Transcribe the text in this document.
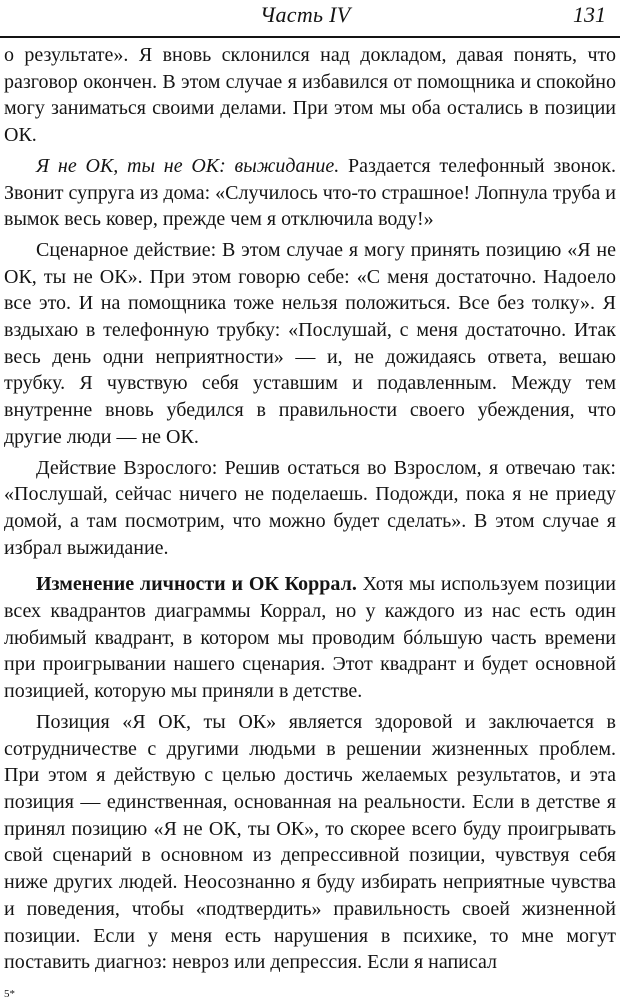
Часть IV	131

о результате». Я вновь склонился над докладом, давая понять, что разговор окончен. В этом случае я избавился от помощника и спокойно могу заниматься своими делами. При этом мы оба остались в позиции ОК.

Я не ОК, ты не ОК: выжидание. Раздается телефонный звонок. Звонит супруга из дома: «Случилось что-то страшное! Лопнула труба и вымок весь ковер, прежде чем я отключила воду!»

Сценарное действие: В этом случае я могу принять позицию «Я не ОК, ты не ОК». При этом говорю себе: «С меня достаточно. Надоело все это. И на помощника тоже нельзя положиться. Все без толку». Я вздыхаю в телефонную трубку: «Послушай, с меня достаточно. Итак весь день одни неприятности» — и, не дожидаясь ответа, вешаю трубку. Я чувствую себя уставшим и подавленным. Между тем внутренне вновь убедился в правильности своего убеждения, что другие люди — не ОК.

Действие Взрослого: Решив остаться во Взрослом, я отвечаю так: «Послушай, сейчас ничего не поделаешь. Подожди, пока я не приеду домой, а там посмотрим, что можно будет сделать». В этом случае я избрал выжидание.

Изменение личности и ОК Коррал. Хотя мы используем позиции всех квадрантов диаграммы Коррал, но у каждого из нас есть один любимый квадрант, в котором мы проводим бóльшую часть времени при проигрывании нашего сценария. Этот квадрант и будет основной позицией, которую мы приняли в детстве.

Позиция «Я ОК, ты ОК» является здоровой и заключается в сотрудничестве с другими людьми в решении жизненных проблем. При этом я действую с целью достичь желаемых результатов, и эта позиция — единственная, основанная на реальности. Если в детстве я принял позицию «Я не ОК, ты ОК», то скорее всего буду проигрывать свой сценарий в основном из депрессивной позиции, чувствуя себя ниже других людей. Неосознанно я буду избирать неприятные чувства и поведения, чтобы «подтвердить» правильность своей жизненной позиции. Если у меня есть нарушения в психике, то мне могут поставить диагноз: невроз или депрессия. Если я написал

5*
